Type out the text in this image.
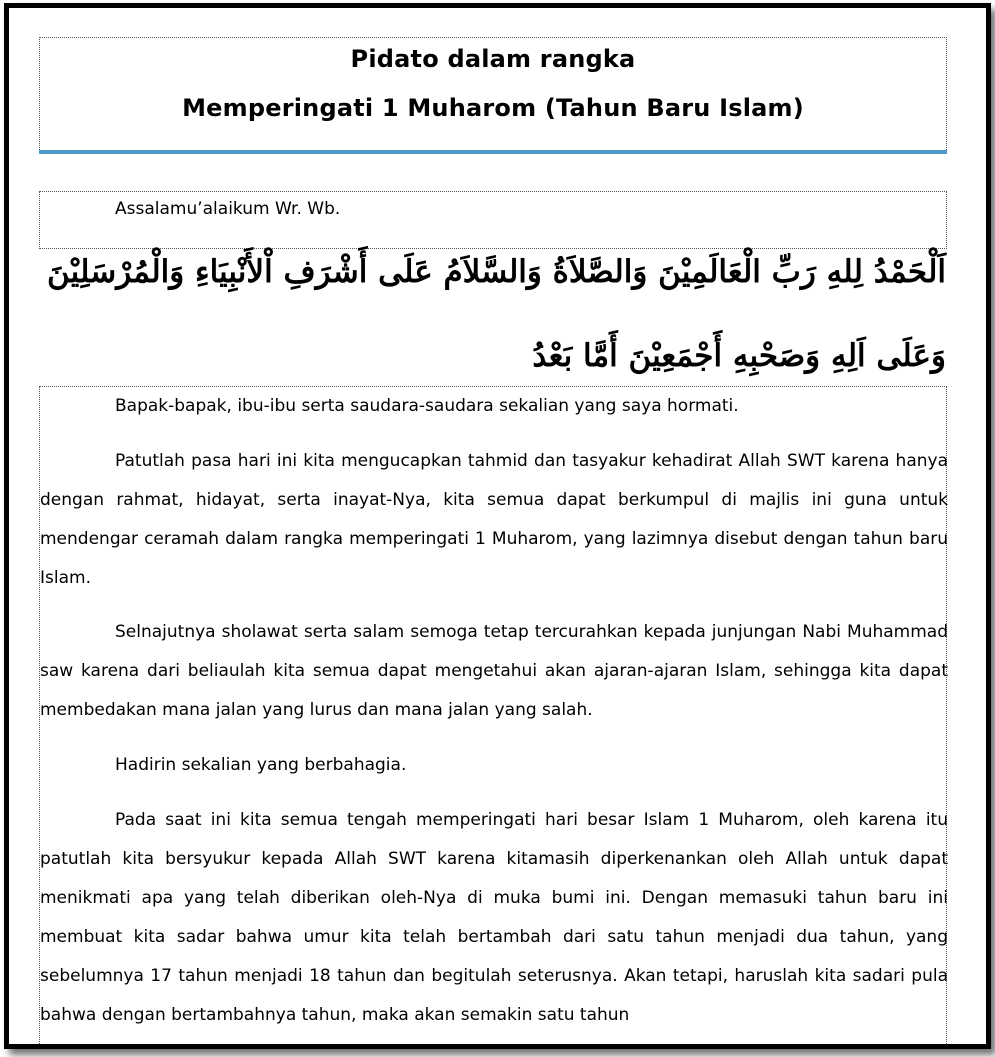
Pidato dalam rangka
Memperingati 1 Muharom (Tahun Baru Islam)
Assalamu’alaikum Wr. Wb.
اَلْحَمْدُ لِلهِ رَبِّ الْعَالَمِيْنَ وَالصَّلاَةُ وَالسَّلاَمُ عَلَى أَشْرَفِ اْلأَنْبِيَاءِ وَالْمُرْسَلِيْنَ
وَعَلَى اَلِهِ وَصَحْبِهِ أَجْمَعِيْنَ أَمَّا بَعْدُ

Bapak-bapak, ibu-ibu serta saudara-saudara sekalian yang saya hormati.

Patutlah pasa hari ini kita mengucapkan tahmid dan tasyakur kehadirat Allah SWT karena hanya dengan rahmat, hidayat, serta inayat-Nya, kita semua dapat berkumpul di majlis ini guna untuk mendengar ceramah dalam rangka memperingati 1 Muharom, yang lazimnya disebut dengan tahun baru Islam.

Selnajutnya sholawat serta salam semoga tetap tercurahkan kepada junjungan Nabi Muhammad saw karena dari beliaulah kita semua dapat mengetahui akan ajaran-ajaran Islam, sehingga kita dapat membedakan mana jalan yang lurus dan mana jalan yang salah.

Hadirin sekalian yang berbahagia.

Pada saat ini kita semua tengah memperingati hari besar Islam 1 Muharom, oleh karena itu patutlah kita bersyukur kepada Allah SWT karena kitamasih diperkenankan oleh Allah untuk dapat menikmati apa yang telah diberikan oleh-Nya di muka bumi ini. Dengan memasuki tahun baru ini membuat kita sadar bahwa umur kita telah bertambah dari satu tahun menjadi dua tahun, yang sebelumnya 17 tahun menjadi 18 tahun dan begitulah seterusnya. Akan tetapi, haruslah kita sadari pula bahwa dengan bertambahnya tahun, maka akan semakin satu tahun
